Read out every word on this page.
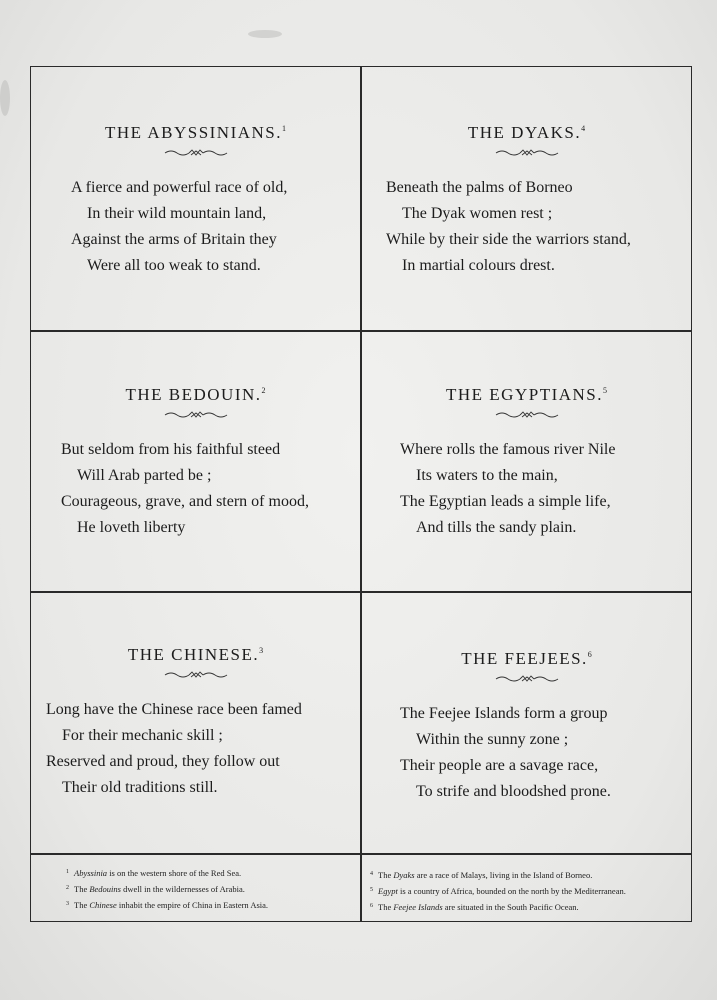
THE ABYSSINIANS.$^1$
A fierce and powerful race of old,
In their wild mountain land,
Against the arms of Britain they
Were all too weak to stand.
THE DYAKS.$^4$
Beneath the palms of Borneo
The Dyak women rest ;
While by their side the warriors stand,
In martial colours drest.
THE BEDOUIN.$^2$
But seldom from his faithful steed
Will Arab parted be ;
Courageous, grave, and stern of mood,
He loveth liberty
THE EGYPTIANS.$^5$
Where rolls the famous river Nile
Its waters to the main,
The Egyptian leads a simple life,
And tills the sandy plain.
THE CHINESE.$^3$
Long have the Chinese race been famed
For their mechanic skill ;
Reserved and proud, they follow out
Their old traditions still.
THE FEEJEES.$^6$
The Feejee Islands form a group
Within the sunny zone ;
Their people are a savage race,
To strife and bloodshed prone.
$^1$ Abyssinia is on the western shore of the Red Sea.
$^2$ The Bedouins dwell in the wildernesses of Arabia.
$^3$ The Chinese inhabit the empire of China in Eastern Asia.
$^4$ The Dyaks are a race of Malays, living in the Island of Borneo.
$^5$ Egypt is a country of Africa, bounded on the north by the Mediterranean.
$^6$ The Feejee Islands are situated in the South Pacific Ocean.
